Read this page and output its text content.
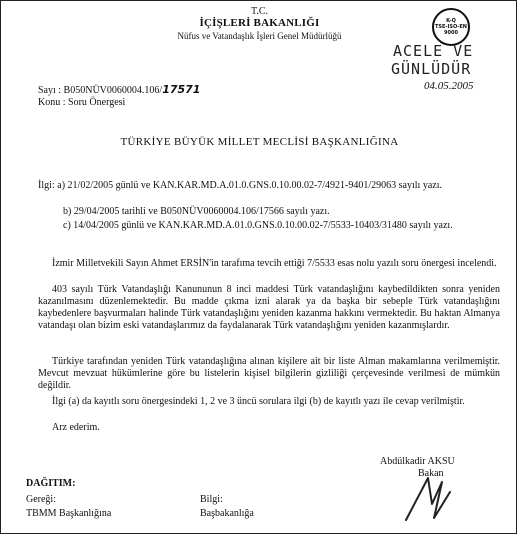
T.C.
İÇİŞLERİ BAKANLIĞI
Nüfus ve Vatandaşlık İşleri Genel Müdürlüğü
K-Q
TSE-ISO-EN
9000
ACELE VE
GÜNLÜDÜR
04.05.2005
Sayı : B050NÜV0060004.106/17571
Konu : Soru Önergesi
TÜRKİYE BÜYÜK MİLLET MECLİSİ BAŞKANLIĞINA
İlgi : a) 21/02/2005 günlü ve KAN.KAR.MD.A.01.0.GNS.0.10.00.02-7/4921-9401/29063 sayılı yazı.
b) 29/04/2005 tarihli ve B050NÜV0060004.106/17566 sayılı yazı.
c) 14/04/2005 günlü ve KAN.KAR.MD.A.01.0.GNS.0.10.00.02-7/5533-10403/31480 sayılı yazı.
İzmir Milletvekili Sayın Ahmet ERSİN'in tarafıma tevcih ettiği 7/5533 esas nolu yazılı soru önergesi incelendi.
403 sayılı Türk Vatandaşlığı Kanununun 8 inci maddesi Türk vatandaşlığını kaybedildikten sonra yeniden kazanılmasını düzenlemektedir. Bu madde çıkma izni alarak ya da başka bir sebeple Türk vatandaşlığını kaybedenlere başvurmaları halinde Türk vatandaşlığını yeniden kazanma hakkını vermektedir. Bu haktan Almanya vatandaşı olan bizim eski vatandaşlarımız da faydalanarak Türk vatandaşlığını yeniden kazanmışlardır.
Türkiye tarafından yeniden Türk vatandaşlığına alınan kişilere ait bir liste Alman makamlarına verilmemiştir. Mevcut mevzuat hükümlerine göre bu listelerin kişisel bilgilerin gizliliği çerçevesinde verilmesi de mümkün değildir.
İlgi (a) da kayıtlı soru önergesindeki 1, 2 ve 3 üncü sorulara ilgi (b) de kayıtlı yazı ile cevap verilmiştir.
Arz ederim.
Abdülkadir AKSU
Bakan
DAĞITIM:
Gereği:
TBMM Başkanlığına
Bilgi:
Başbakanlığa
